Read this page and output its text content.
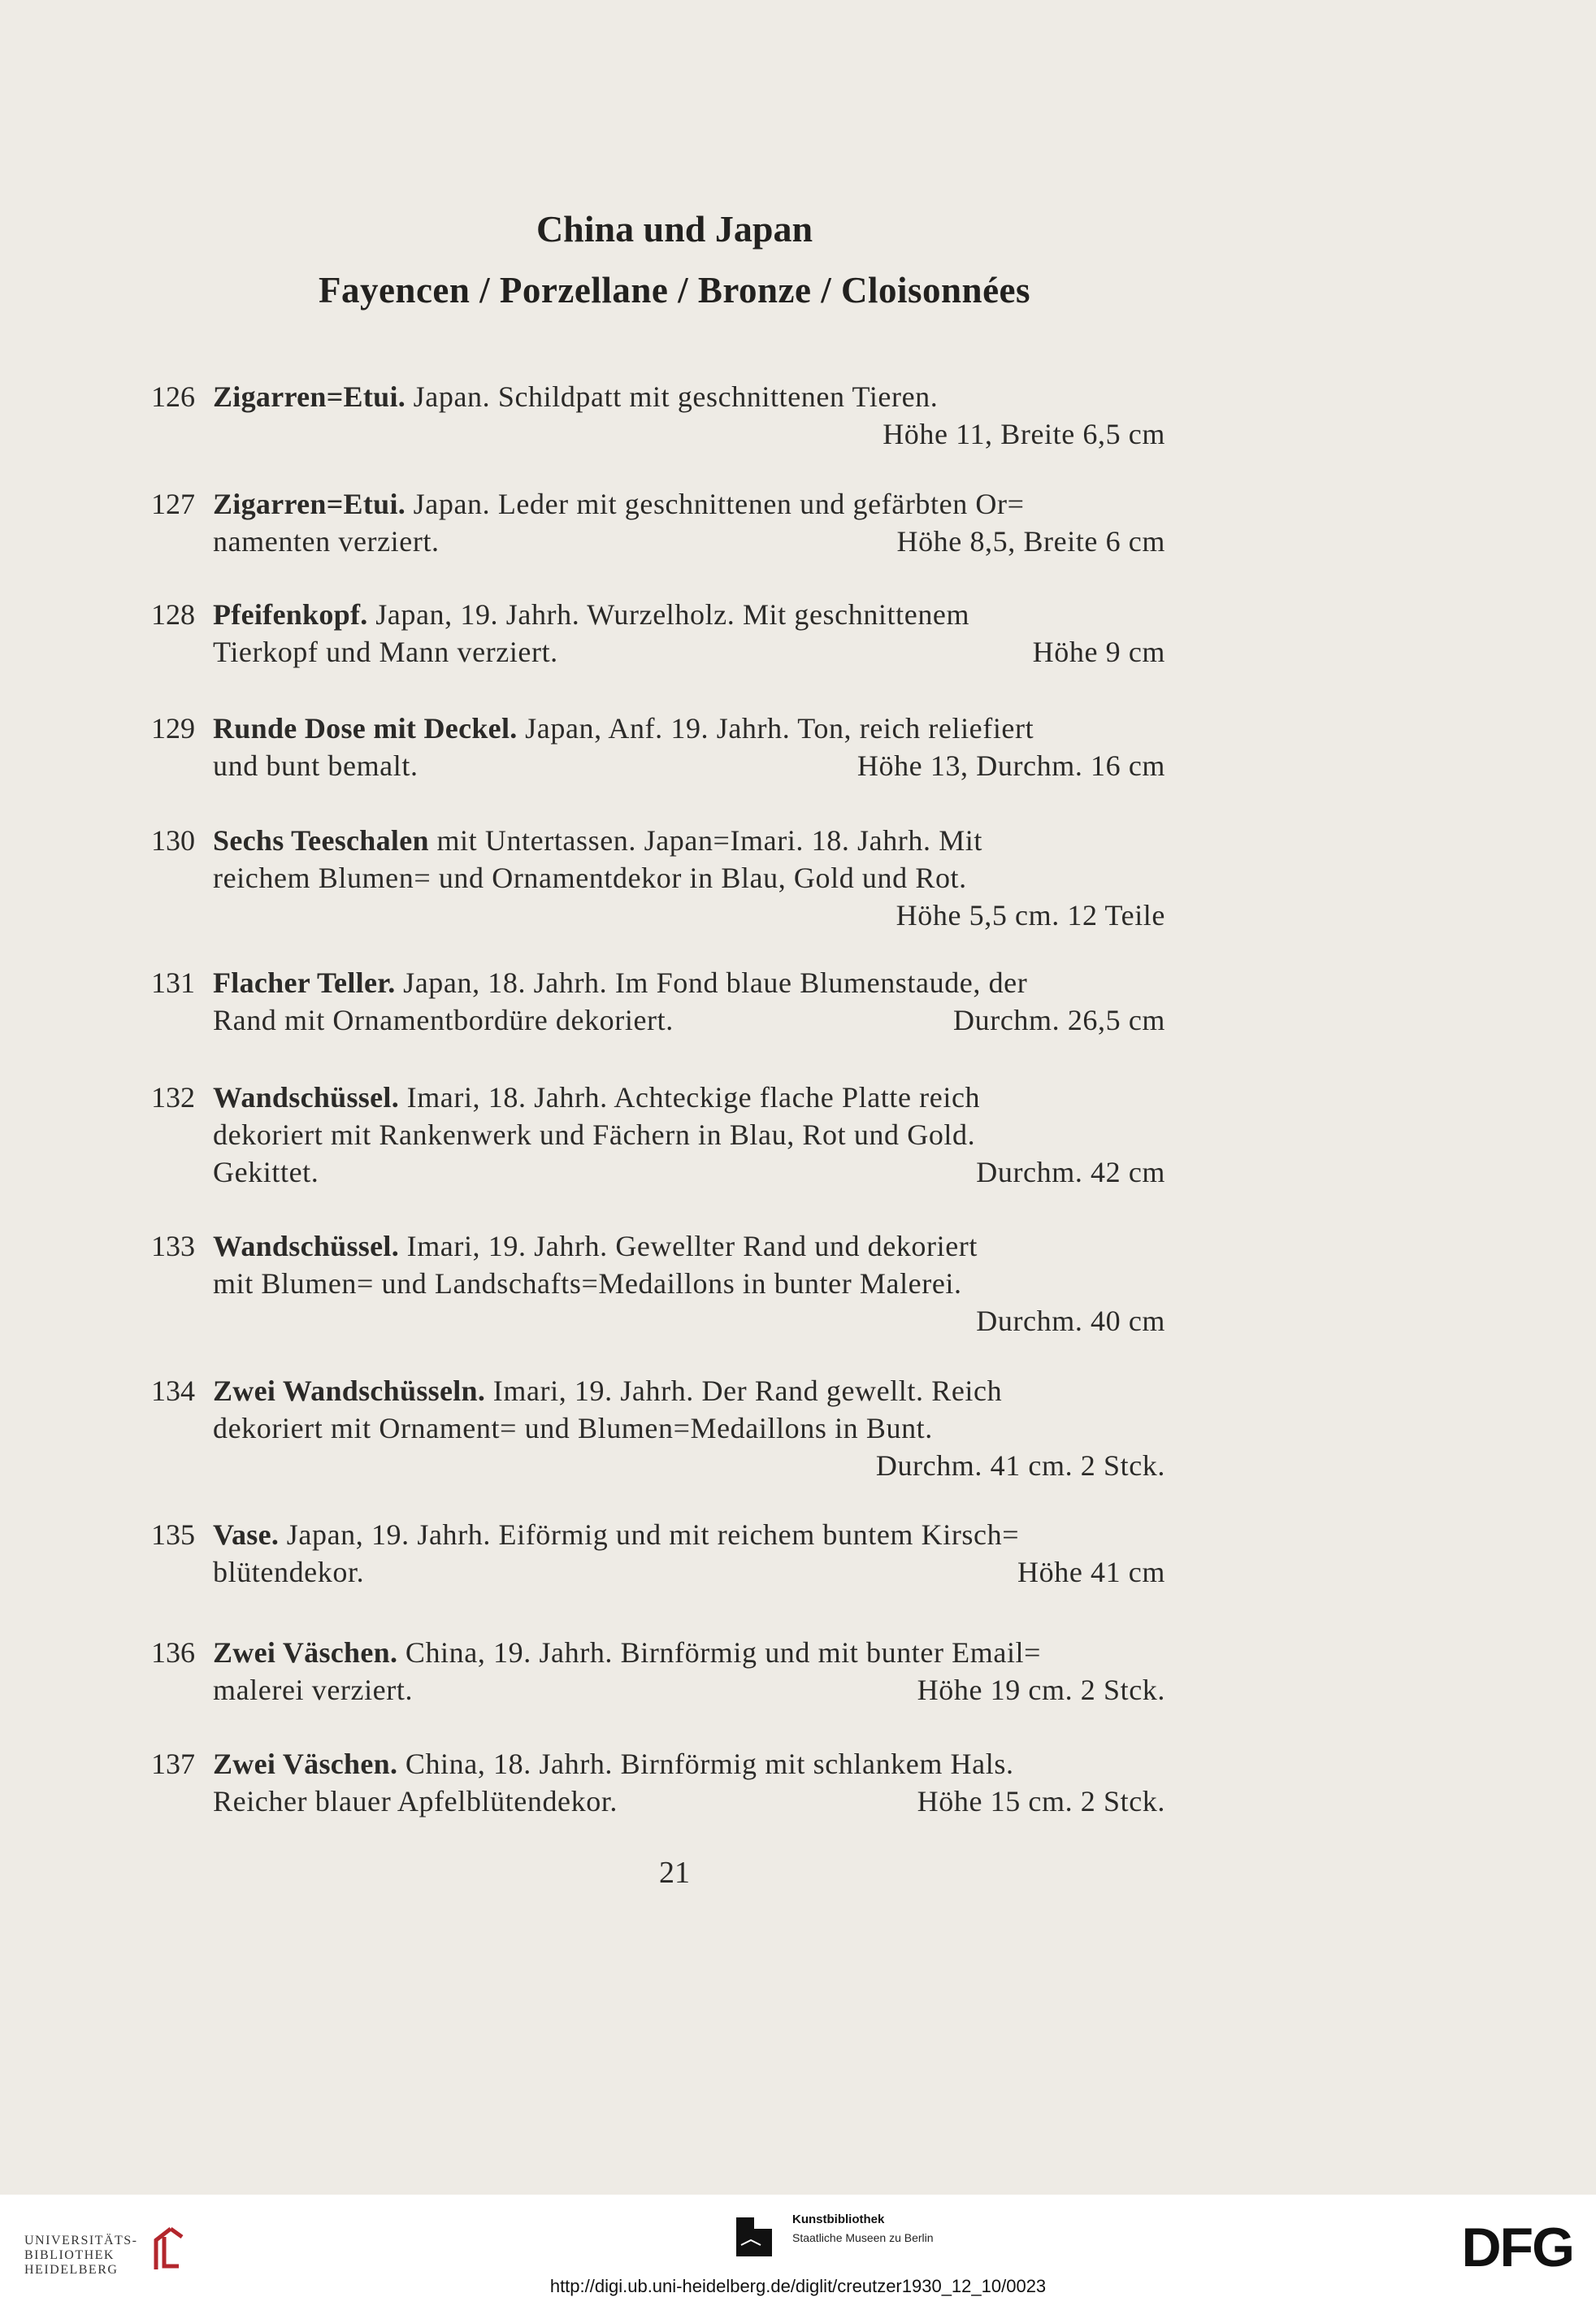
China und Japan
Fayencen / Porzellane / Bronze / Cloisonnées
126 Zigarren=Etui. Japan. Schildpatt mit geschnittenen Tieren.
Höhe 11, Breite 6,5 cm
127 Zigarren=Etui. Japan. Leder mit geschnittenen und gefärbten Or=
namenten verziert.	Höhe 8,5, Breite 6 cm
128 Pfeifenkopf. Japan, 19. Jahrh. Wurzelholz. Mit geschnittenem
Tierkopf und Mann verziert.	Höhe 9 cm
129 Runde Dose mit Deckel. Japan, Anf. 19. Jahrh. Ton, reich reliefiert
und bunt bemalt.	Höhe 13, Durchm. 16 cm
130 Sechs Teeschalen mit Untertassen. Japan=Imari. 18. Jahrh. Mit
reichem Blumen= und Ornamentdekor in Blau, Gold und Rot.
Höhe 5,5 cm. 12 Teile
131 Flacher Teller. Japan, 18. Jahrh. Im Fond blaue Blumenstaude, der
Rand mit Ornamentbordüre dekoriert.	Durchm. 26,5 cm
132 Wandschüssel. Imari, 18. Jahrh. Achteckige flache Platte reich
dekoriert mit Rankenwerk und Fächern in Blau, Rot und Gold.
Gekittet.	Durchm. 42 cm
133 Wandschüssel. Imari, 19. Jahrh. Gewellter Rand und dekoriert
mit Blumen= und Landschafts=Medaillons in bunter Malerei.
Durchm. 40 cm
134 Zwei Wandschüsseln. Imari, 19. Jahrh. Der Rand gewellt. Reich
dekoriert mit Ornament= und Blumen=Medaillons in Bunt.
Durchm. 41 cm. 2 Stck.
135 Vase. Japan, 19. Jahrh. Eiförmig und mit reichem buntem Kirsch=
blütendekor.	Höhe 41 cm
136 Zwei Väschen. China, 19. Jahrh. Birnförmig und mit bunter Email=
malerei verziert.	Höhe 19 cm. 2 Stck.
137 Zwei Väschen. China, 18. Jahrh. Birnförmig mit schlankem Hals.
Reicher blauer Apfelblütendekor.	Höhe 15 cm. 2 Stck.
21
UNIVERSITÄTS-
BIBLIOTHEK
HEIDELBERG
Kunstbibliothek
Staatliche Museen zu Berlin	DFG
http://digi.ub.uni-heidelberg.de/diglit/creutzer1930_12_10/0023
